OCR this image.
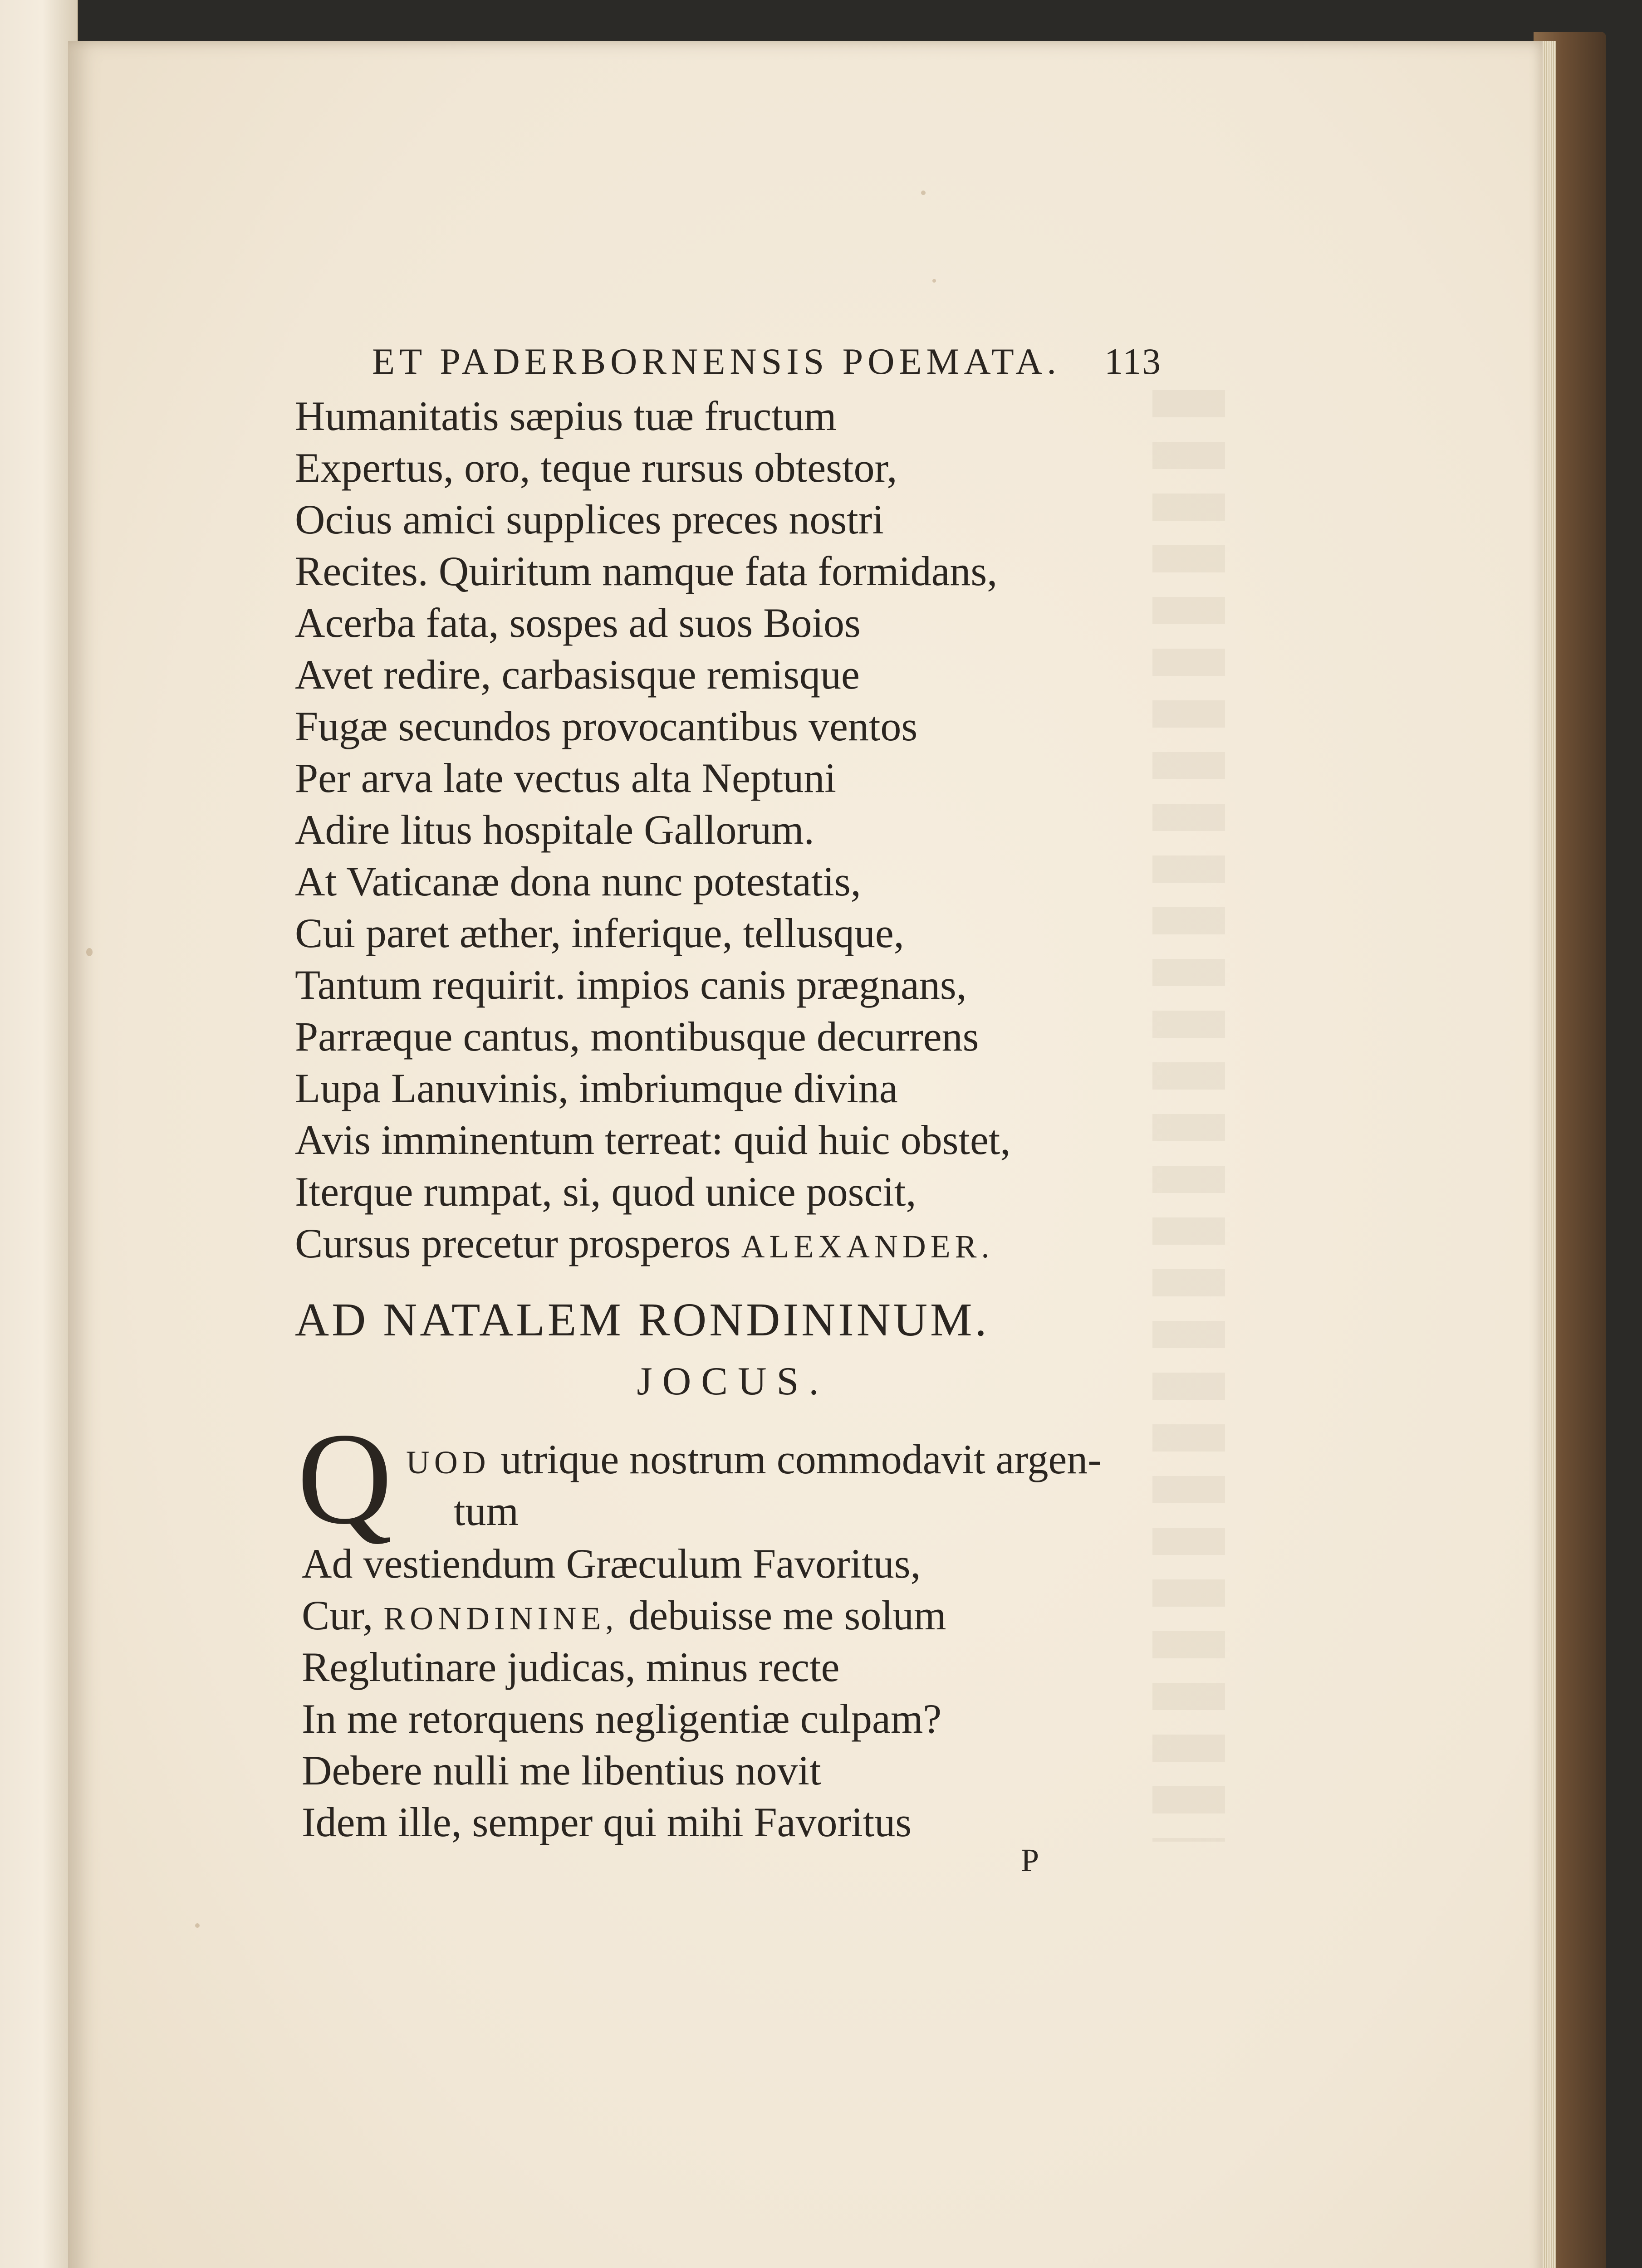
ET PADERBORNENSIS POEMATA. 113
Humanitatis sæpius tuæ fructum
Expertus, oro, teque rursus obtestor,
Ocius amici supplices preces nostri
Recites. Quiritum namque fata formidans,
Acerba fata, sospes ad suos Boios
Avet redire, carbasisque remisque
Fugæ secundos provocantibus ventos
Per arva late vectus alta Neptuni
Adire litus hospitale Gallorum.
At Vaticanæ dona nunc potestatis,
Cui paret æther, inferique, tellusque,
Tantum requirit. impios canis prægnans,
Parræque cantus, montibusque decurrens
Lupa Lanuvinis, imbriumque divina
Avis imminentum terreat: quid huic obstet,
Iterque rumpat, si, quod unice poscit,
Cursus precetur prosperos ALEXANDER.
AD NATALEM RONDININUM.
JOCUS.
Q UOD utrique nostrum commodavit argen-
tum
Ad vestiendum Græculum Favoritus,
Cur, RONDININE, debuisse me solum
Reglutinare judicas, minus recte
In me retorquens negligentiæ culpam?
Debere nulli me libentius novit
Idem ille, semper qui mihi Favoritus
P
